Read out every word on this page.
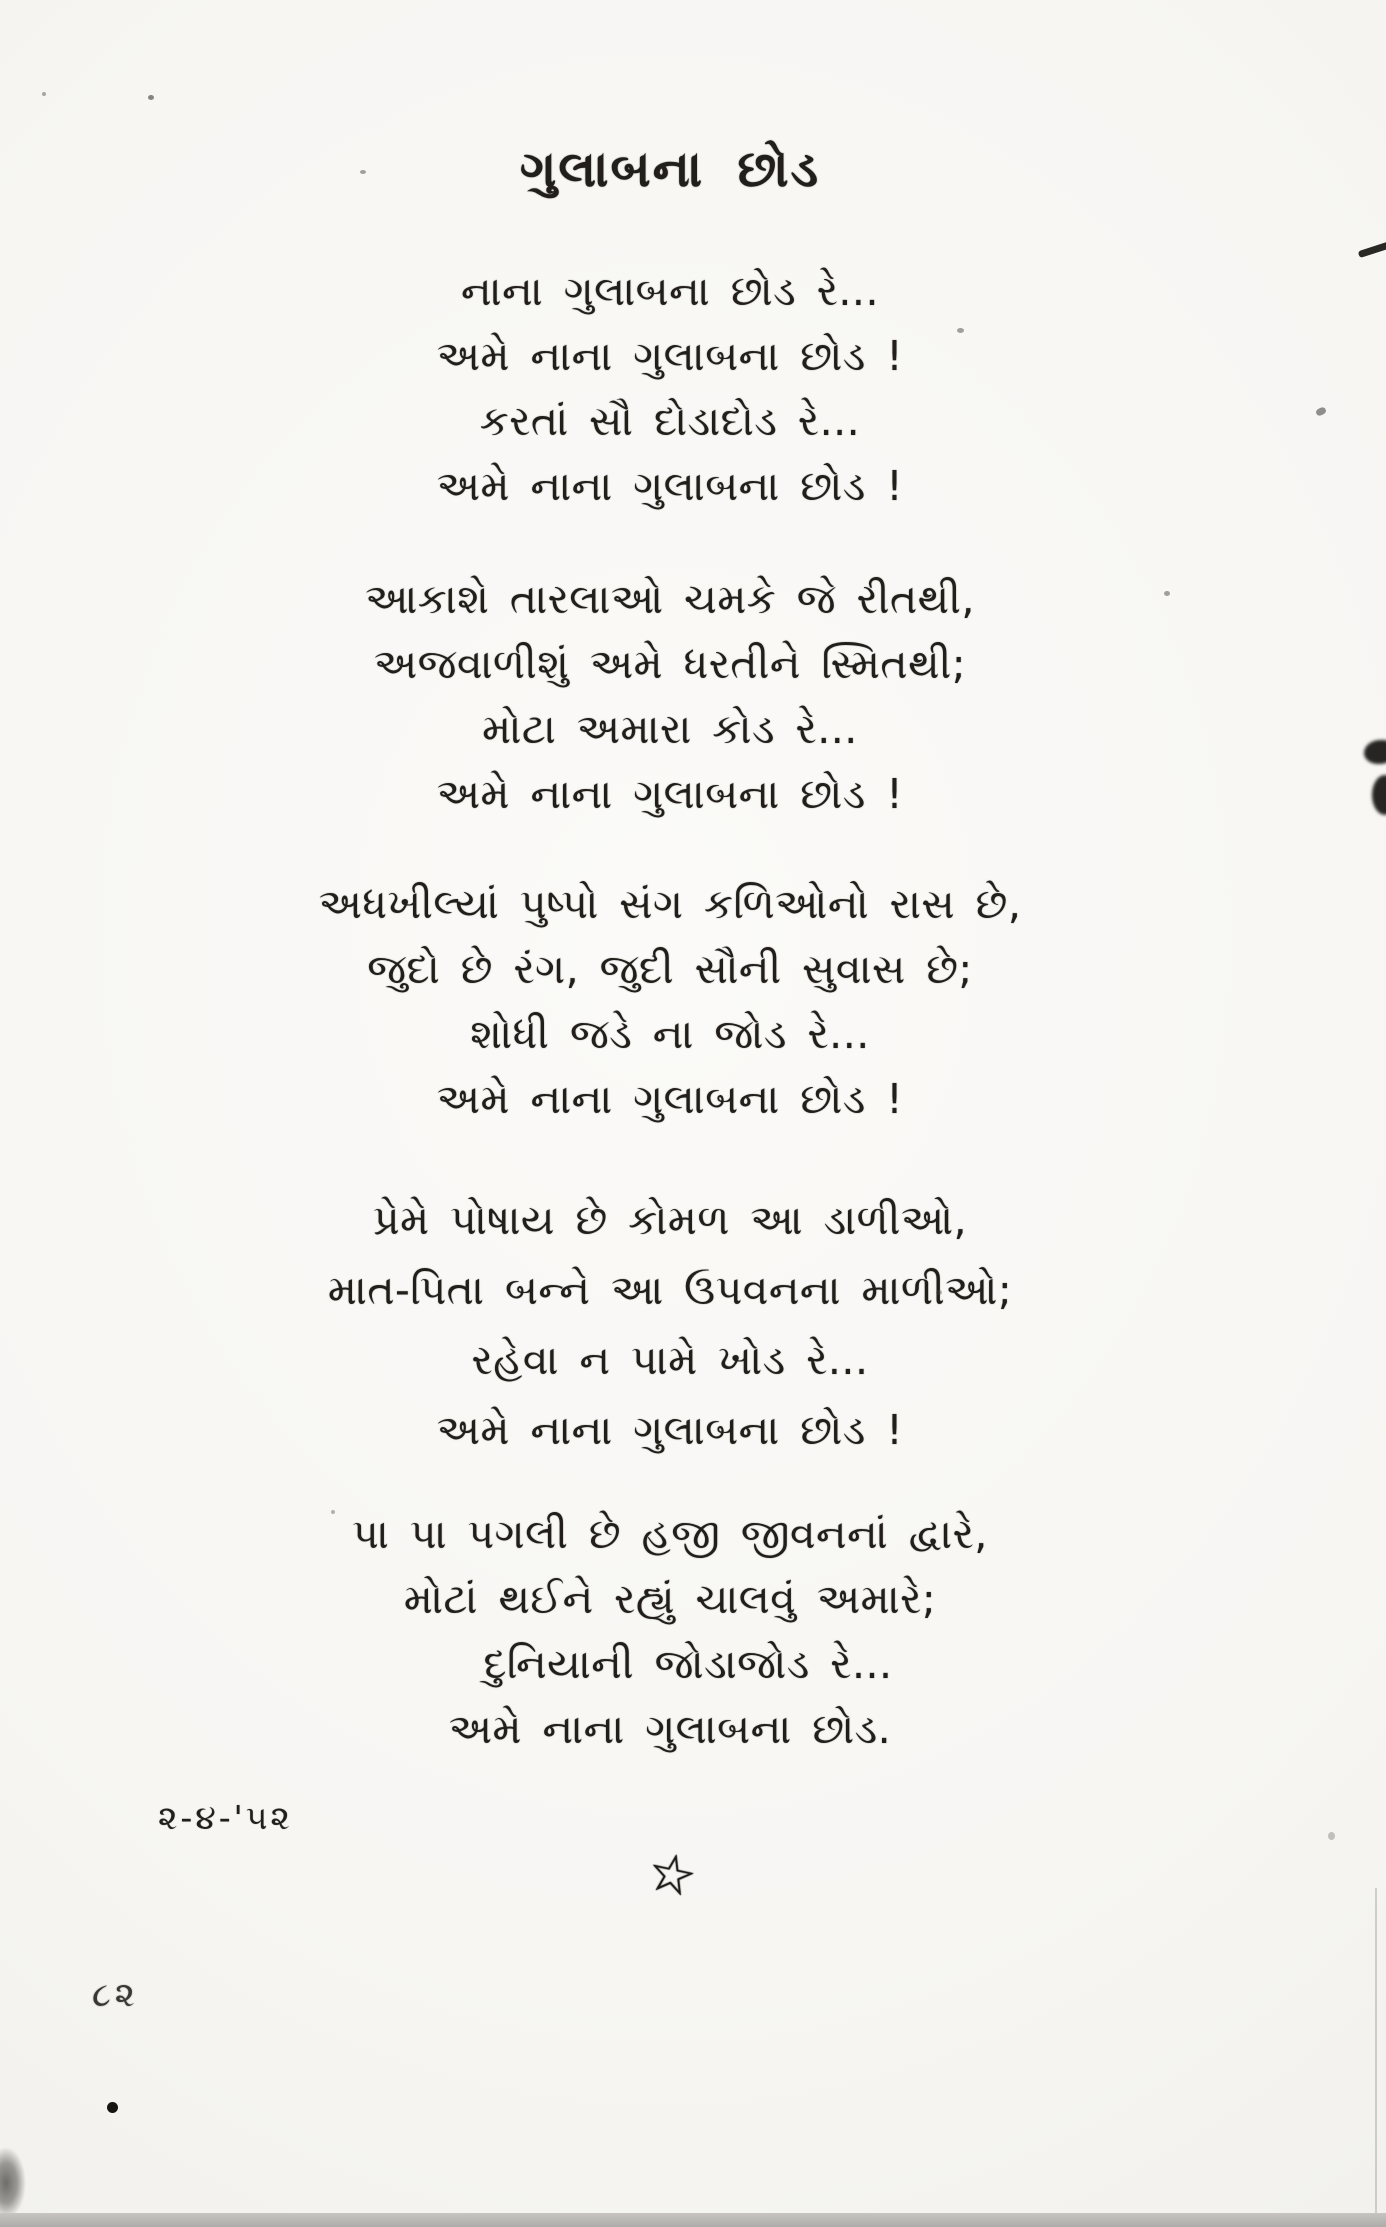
ગુલાબના છોડ
નાના ગુલાબના છોડ રે...
અમે નાના ગુલાબના છોડ !
કરતાં સૌ દોડાદોડ રે...
અમે નાના ગુલાબના છોડ !
આકાશે તારલાઓ ચમકે જે રીતથી,
અજવાળીશું અમે ધરતીને સ્મિતથી;
મોટા અમારા કોડ રે...
અમે નાના ગુલાબના છોડ !
અધખીલ્યાં પુષ્પો સંગ કળિઓનો રાસ છે,
જુદો છે રંગ, જુદી સૌની સુવાસ છે;
શોધી જડે ના જોડ રે...
અમે નાના ગુલાબના છોડ !
પ્રેમે પોષાય છે કોમળ આ ડાળીઓ,
માત-પિતા બન્ને આ ઉપવનના માળીઓ;
રહેવા ન પામે ખોડ રે...
અમે નાના ગુલાબના છોડ !
પા પા પગલી છે હજી જીવનનાં દ્વારે,
મોટાં થઈને રહ્યું ચાલવું અમારે;
દુનિયાની જોડાજોડ રે...
અમે નાના ગુલાબના છોડ.
૨-૪-'૫૨
☆
૮૨
